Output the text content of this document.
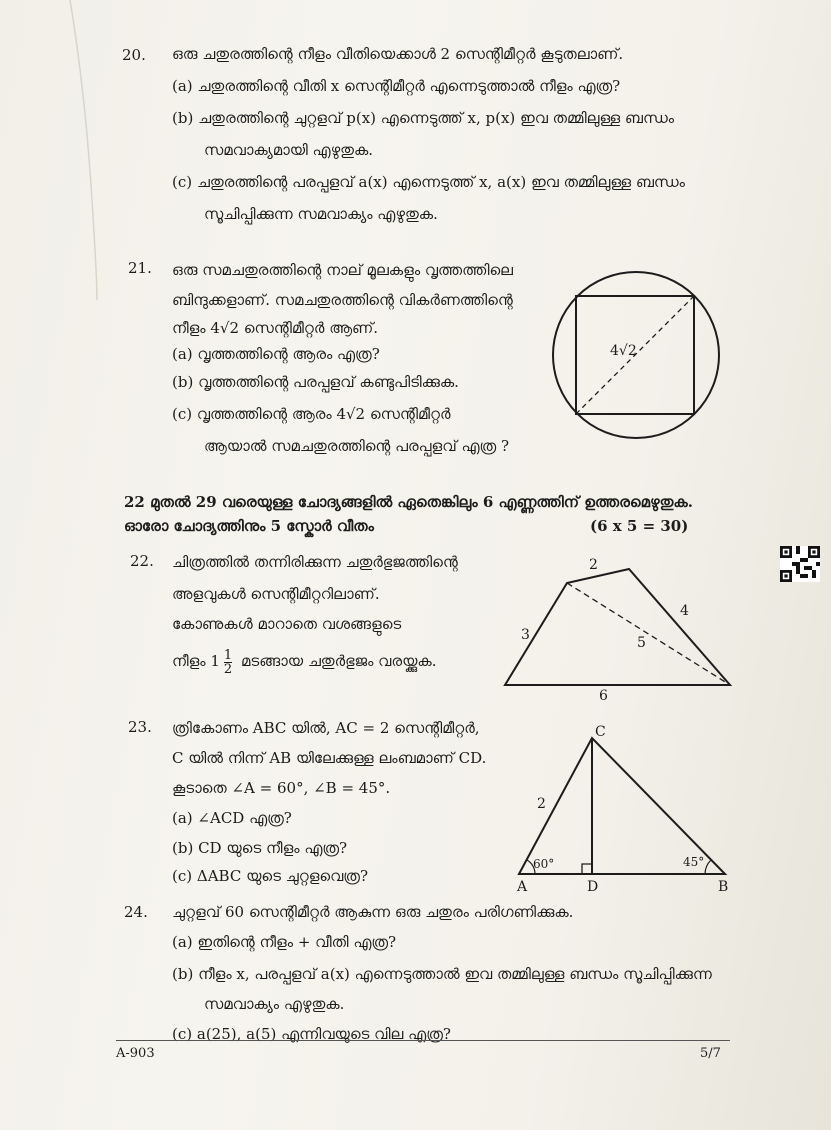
20. ഒരു ചതുരത്തിന്റെ നീളം വീതിയെക്കാൾ 2 സെന്റിമീറ്റർ കൂടുതലാണ്.
(a) ചതുരത്തിന്റെ വീതി x സെന്റിമീറ്റർ എന്നെടുത്താൽ നീളം എത്ര?
(b) ചതുരത്തിന്റെ ചുറ്റളവ് p(x) എന്നെടുത്ത് x, p(x) ഇവ തമ്മിലുള്ള ബന്ധം
സമവാക്യമായി എഴുതുക.
(c) ചതുരത്തിന്റെ പരപ്പളവ് a(x) എന്നെടുത്ത് x, a(x) ഇവ തമ്മിലുള്ള ബന്ധം
സൂചിപ്പിക്കുന്ന സമവാക്യം എഴുതുക.
21. ഒരു സമചതുരത്തിന്റെ നാല് മൂലകളും വൃത്തത്തിലെ
ബിന്ദുക്കളാണ്. സമചതുരത്തിന്റെ വികർണത്തിന്റെ
നീളം 4√2 സെന്റിമീറ്റർ ആണ്.
(a) വൃത്തത്തിന്റെ ആരം എത്ര?
(b) വൃത്തത്തിന്റെ പരപ്പളവ് കണ്ടുപിടിക്കുക.
(c) വൃത്തത്തിന്റെ ആരം 4√2 സെന്റിമീറ്റർ
ആയാൽ സമചതുരത്തിന്റെ പരപ്പളവ് എത്ര ?
4√2
22 മുതൽ 29 വരെയുള്ള ചോദ്യങ്ങളിൽ ഏതെങ്കിലും 6 എണ്ണത്തിന് ഉത്തരമെഴുതുക.
ഓരോ ചോദ്യത്തിനും 5 സ്കോർ വീതം	(6 x 5 = 30)
22. ചിത്രത്തിൽ തന്നിരിക്കുന്ന ചതുർഭുജത്തിന്റെ
അളവുകൾ സെന്റിമീറ്ററിലാണ്.
കോണുകൾ മാറാതെ വശങ്ങളുടെ
നീളം $1 \frac{1}{2}$ മടങ്ങായ ചതുർഭുജം വരയ്ക്കുക.
2
3
4
5
6
23. ത്രികോണം ABC യിൽ, AC = 2 സെന്റിമീറ്റർ,
C യിൽ നിന്ന് AB യിലേക്കുള്ള ലംബമാണ് CD.
കൂടാതെ ∠A = 60°, ∠B = 45°.
(a) ∠ACD എത്ര?
(b) CD യുടെ നീളം എത്ര?
(c) ΔABC യുടെ ചുറ്റളവെത്ര?
C
A	D	B
2
60°	45°
24. ചുറ്റളവ് 60 സെന്റിമീറ്റർ ആകുന്ന ഒരു ചതുരം പരിഗണിക്കുക.
(a) ഇതിന്റെ നീളം + വീതി എത്ര?
(b) നീളം x, പരപ്പളവ് a(x) എന്നെടുത്താൽ ഇവ തമ്മിലുള്ള ബന്ധം സൂചിപ്പിക്കുന്ന
സമവാക്യം എഴുതുക.
(c) a(25), a(5) എന്നിവയുടെ വില എത്ര?
A-903	5/7
